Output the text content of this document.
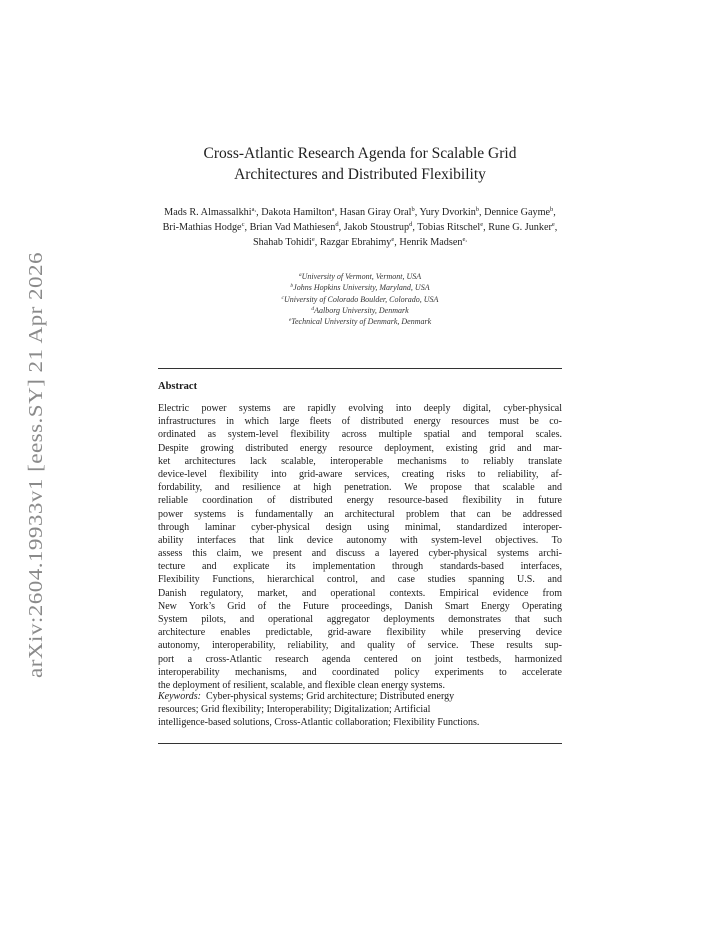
arXiv:2604.19933v1 [eess.SY] 21 Apr 2026
Cross-Atlantic Research Agenda for Scalable Grid
Architectures and Distributed Flexibility
Mads R. Almassalkhi$^{a,}$, Dakota Hamilton$^a$, Hasan Giray Oral$^b$, Yury Dvorkin$^b$, Dennice Gayme$^b$, Bri-Mathias Hodge$^c$, Brian Vad Mathiesen$^d$, Jakob Stoustrup$^d$, Tobias Ritschel$^e$, Rune G. Junker$^e$, Shahab Tohidi$^e$, Razgar Ebrahimy$^e$, Henrik Madsen$^{e,}$
$^a$University of Vermont, Vermont, USA
$^b$Johns Hopkins University, Maryland, USA
$^c$University of Colorado Boulder, Colorado, USA
$^d$Aalborg University, Denmark
$^e$Technical University of Denmark, Denmark
Abstract
Electric power systems are rapidly evolving into deeply digital, cyber-physical
infrastructures in which large fleets of distributed energy resources must be co-
ordinated as system-level flexibility across multiple spatial and temporal scales.
Despite growing distributed energy resource deployment, existing grid and mar-
ket architectures lack scalable, interoperable mechanisms to reliably translate
device-level flexibility into grid-aware services, creating risks to reliability, af-
fordability, and resilience at high penetration. We propose that scalable and
reliable coordination of distributed energy resource-based flexibility in future
power systems is fundamentally an architectural problem that can be addressed
through laminar cyber-physical design using minimal, standardized interoper-
ability interfaces that link device autonomy with system-level objectives. To
assess this claim, we present and discuss a layered cyber-physical systems archi-
tecture and explicate its implementation through standards-based interfaces,
Flexibility Functions, hierarchical control, and case studies spanning U.S. and
Danish regulatory, market, and operational contexts. Empirical evidence from
New York’s Grid of the Future proceedings, Danish Smart Energy Operating
System pilots, and operational aggregator deployments demonstrates that such
architecture enables predictable, grid-aware flexibility while preserving device
autonomy, interoperability, reliability, and quality of service. These results sup-
port a cross-Atlantic research agenda centered on joint testbeds, harmonized
interoperability mechanisms, and coordinated policy experiments to accelerate
the deployment of resilient, scalable, and flexible clean energy systems.
Keywords: Cyber-physical systems; Grid architecture; Distributed energy
resources; Grid flexibility; Interoperability; Digitalization; Artificial
intelligence-based solutions, Cross-Atlantic collaboration; Flexibility Functions.
